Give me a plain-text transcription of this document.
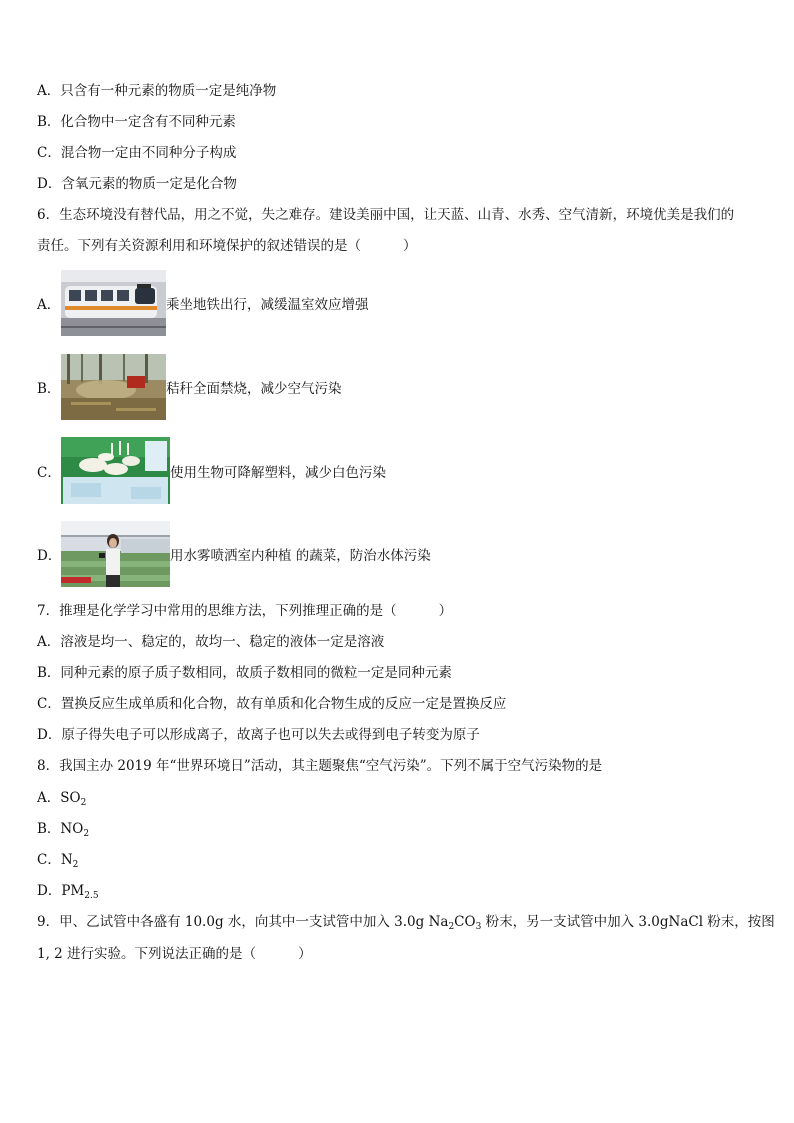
A．只含有一种元素的物质一定是纯净物
B．化合物中一定含有不同种元素
C．混合物一定由不同种分子构成
D．含氧元素的物质一定是化合物
6．生态环境没有替代品，用之不觉，失之难存。建设美丽中国，让天蓝、山青、水秀、空气清新，环境优美是我们的
责任。下列有关资源利用和环境保护的叙述错误的是（	）
A．	乘坐地铁出行，减缓温室效应增强
B．	秸秆全面禁烧，减少空气污染
C．	使用生物可降解塑料，减少白色污染
D．	用水雾喷洒室内种植 的蔬菜，防治水体污染
7．推理是化学学习中常用的思维方法，下列推理正确的是（	）
A．溶液是均一、稳定的，故均一、稳定的液体一定是溶液
B．同种元素的原子质子数相同，故质子数相同的微粒一定是同种元素
C．置换反应生成单质和化合物，故有单质和化合物生成的反应一定是置换反应
D．原子得失电子可以形成离子，故离子也可以失去或得到电子转变为原子
8．我国主办 2019 年“世界环境日”活动，其主题聚焦“空气污染”。下列不属于空气污染物的是
A．$SO_2$
B．$NO_2$
C．$N_2$
D．$PM_{2.5}$
9．甲、乙试管中各盛有 10.0g 水，向其中一支试管中加入 3.0g $Na_2CO_3$ 粉末，另一支试管中加入 3.0gNaCl 粉末，按图
1, 2 进行实验。下列说法正确的是（	）
